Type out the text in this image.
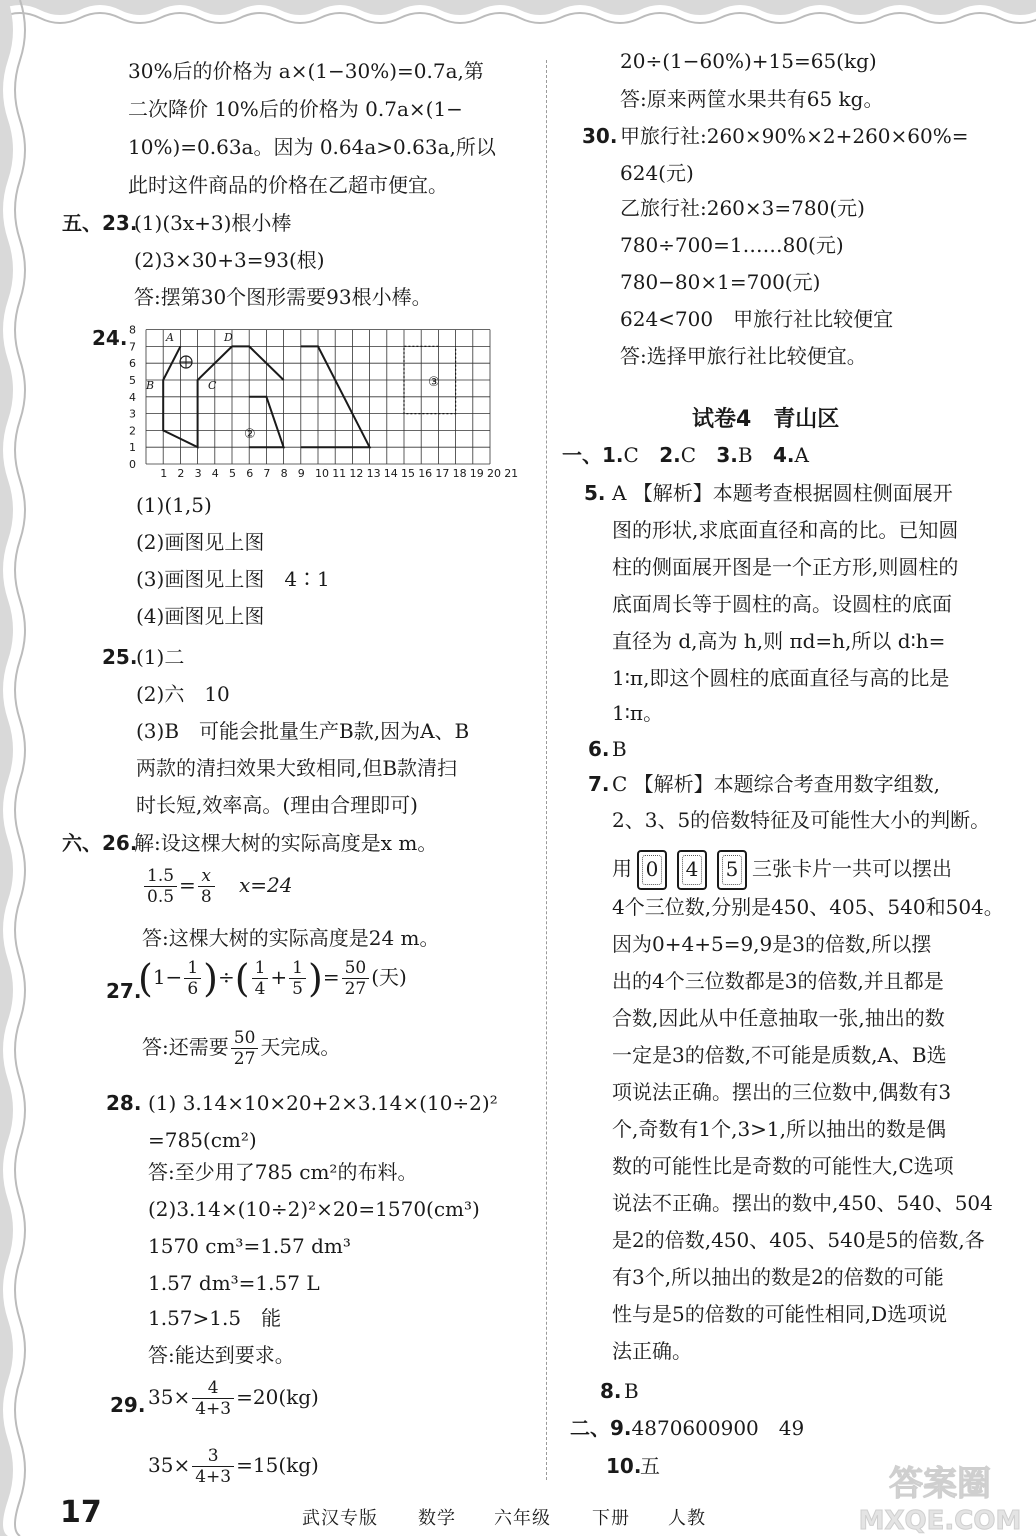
30%后的价格为 a×(1−30%)=0.7a,第
二次降价 10%后的价格为 0.7a×(1−
10%)=0.63a。因为 0.64a>0.63a,所以
此时这件商品的价格在乙超市便宜。
五、23.
(1)(3x+3)根小棒
(2)3×30+3=93(根)
答:摆第30个图形需要93根小棒。
24.
1 2 3 4 5 6 7 8 9 10 11 12 13 14 15 16 17 18 19 20 21
0
1
2
3
4
5
6
7
8
A	D
B	C
②
③
(1)(1,5)
(2)画图见上图
(3)画图见上图　4∶1
(4)画图见上图
25.
(1)二
(2)六　10
(3)B　可能会批量生产B款,因为A、B
两款的清扫效果大致相同,但B款清扫
时长短,效率高。(理由合理即可)
六、26.
解:设这棵大树的实际高度是x m。
$\frac{1.5}{0.5} = \frac{x}{8} x=24$
答:这棵大树的实际高度是24 m。
27.
($1- \frac{1}{6}$ )÷( $\frac{1}{4} + \frac{1}{5}$ )= $\frac{50}{27}$ (天)
答:还需要 $\frac{50}{27}$ 天完成。
28. (1) 3.14×10×20+2×3.14×(10÷2)²
=785(cm²)
答:至少用了785 cm²的布料。
(2)3.14×(10÷2)²×20=1570(cm³)
1570 cm³=1.57 dm³
1.57 dm³=1.57 L
1.57>1.5　能
答:能达到要求。
29. $35\times \frac{4}{4+3} =20(kg)$
$35\times \frac{3}{4+3} =15(kg)$
20÷(1−60%)+15=65(kg)
答:原来两筐水果共有65 kg。
30. 甲旅行社:260×90%×2+260×60%=
624(元)
乙旅行社:260×3=780(元)
780÷700=1……80(元)
780−80×1=700(元)
624<700　甲旅行社比较便宜
答:选择甲旅行社比较便宜。
试卷4　青山区
一、1.C 2.C 3.B 4.A
5. A 【解析】本题考查根据圆柱侧面展开
图的形状,求底面直径和高的比。已知圆
柱的侧面展开图是一个正方形,则圆柱的
底面周长等于圆柱的高。设圆柱的底面
直径为 d,高为 h,则 πd=h,所以 d∶h=
1∶π,即这个圆柱的底面直径与高的比是
1∶π。
6. B
7. C 【解析】本题综合考查用数字组数,
2、3、5的倍数特征及可能性大小的判断。
用 0 4 5 三张卡片一共可以摆出
4个三位数,分别是450、405、540和504。
因为0+4+5=9,9是3的倍数,所以摆
出的4个三位数都是3的倍数,并且都是
合数,因此从中任意抽取一张,抽出的数
一定是3的倍数,不可能是质数,A、B选
项说法正确。摆出的三位数中,偶数有3
个,奇数有1个,3>1,所以抽出的数是偶
数的可能性比是奇数的可能性大,C选项
说法不正确。摆出的数中,450、540、504
是2的倍数,450、405、540是5的倍数,各
有3个,所以抽出的数是2的倍数的可能
性与是5的倍数的可能性相同,D选项说
法正确。
8. B
二、9.4870600900　49
10.
五
17	武汉专版 数学 六年级 下册 人教
答案圈
MXQE.COM
